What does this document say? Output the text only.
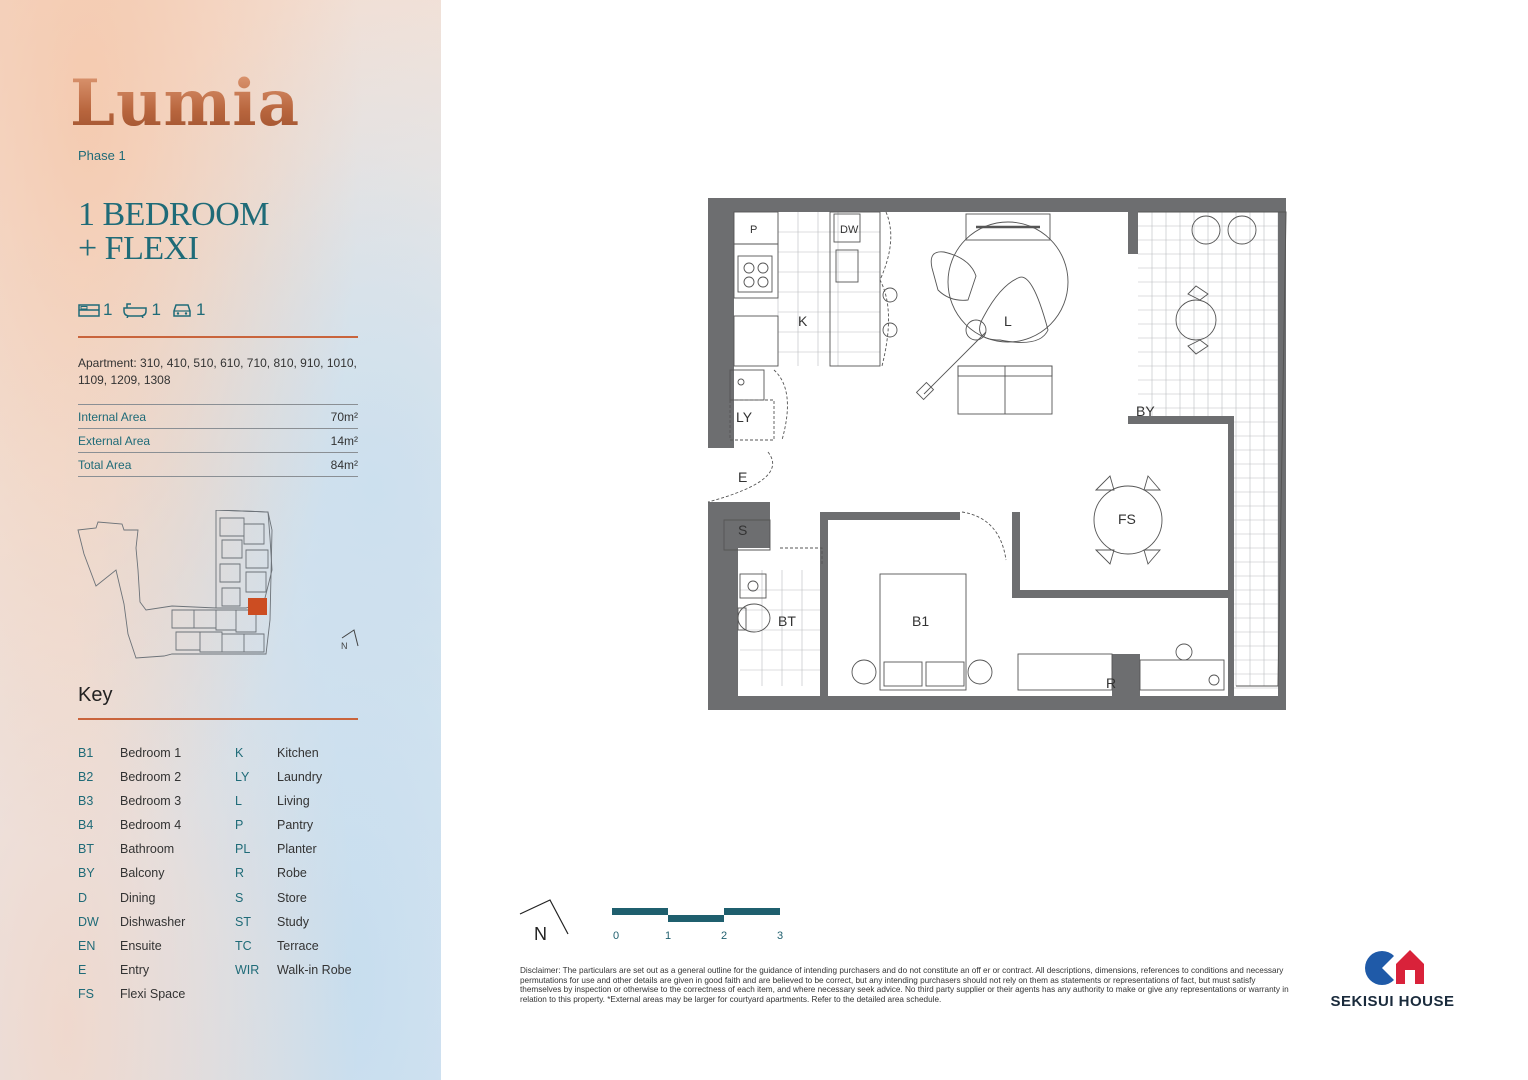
Lumia
Phase 1
1 BEDROOM
+ FLEXI
1 1 1
Apartment: 310, 410, 510, 610, 710, 810, 910, 1010, 1109, 1209, 1308
Internal Area	70m²
External Area	14m²
Total Area	84m²
N
Key
B1	Bedroom 1
B2	Bedroom 2
B3	Bedroom 3
B4	Bedroom 4
BT	Bathroom
BY	Balcony
D	Dining
DW	Dishwasher
EN	Ensuite
E	Entry
FS	Flexi Space
K	Kitchen
LY	Laundry
L	Living
P	Pantry
PL	Planter
R	Robe
S	Store
ST	Study
TC	Terrace
WIR	Walk-in Robe
P	DW
K	L
LY	BY
E
S
FS
BT	B1
R
N	0	1	2	3
Disclaimer: The particulars are set out as a general outline for the guidance of intending purchasers and do not constitute an off er or contract. All descriptions, dimensions, references to conditions and necessary permutations for use and other details are given in good faith and are believed to be correct, but any intending purchasers should not rely on them as statements or representations of fact, but must satisfy themselves by inspection or otherwise to the correctness of each item, and where necessary seek advice. No third party supplier or their agents has any authority to make or give any representations or warranty in relation to this property. *External areas may be larger for courtyard apartments. Refer to the detailed area schedule.	SEKISUI HOUSE
